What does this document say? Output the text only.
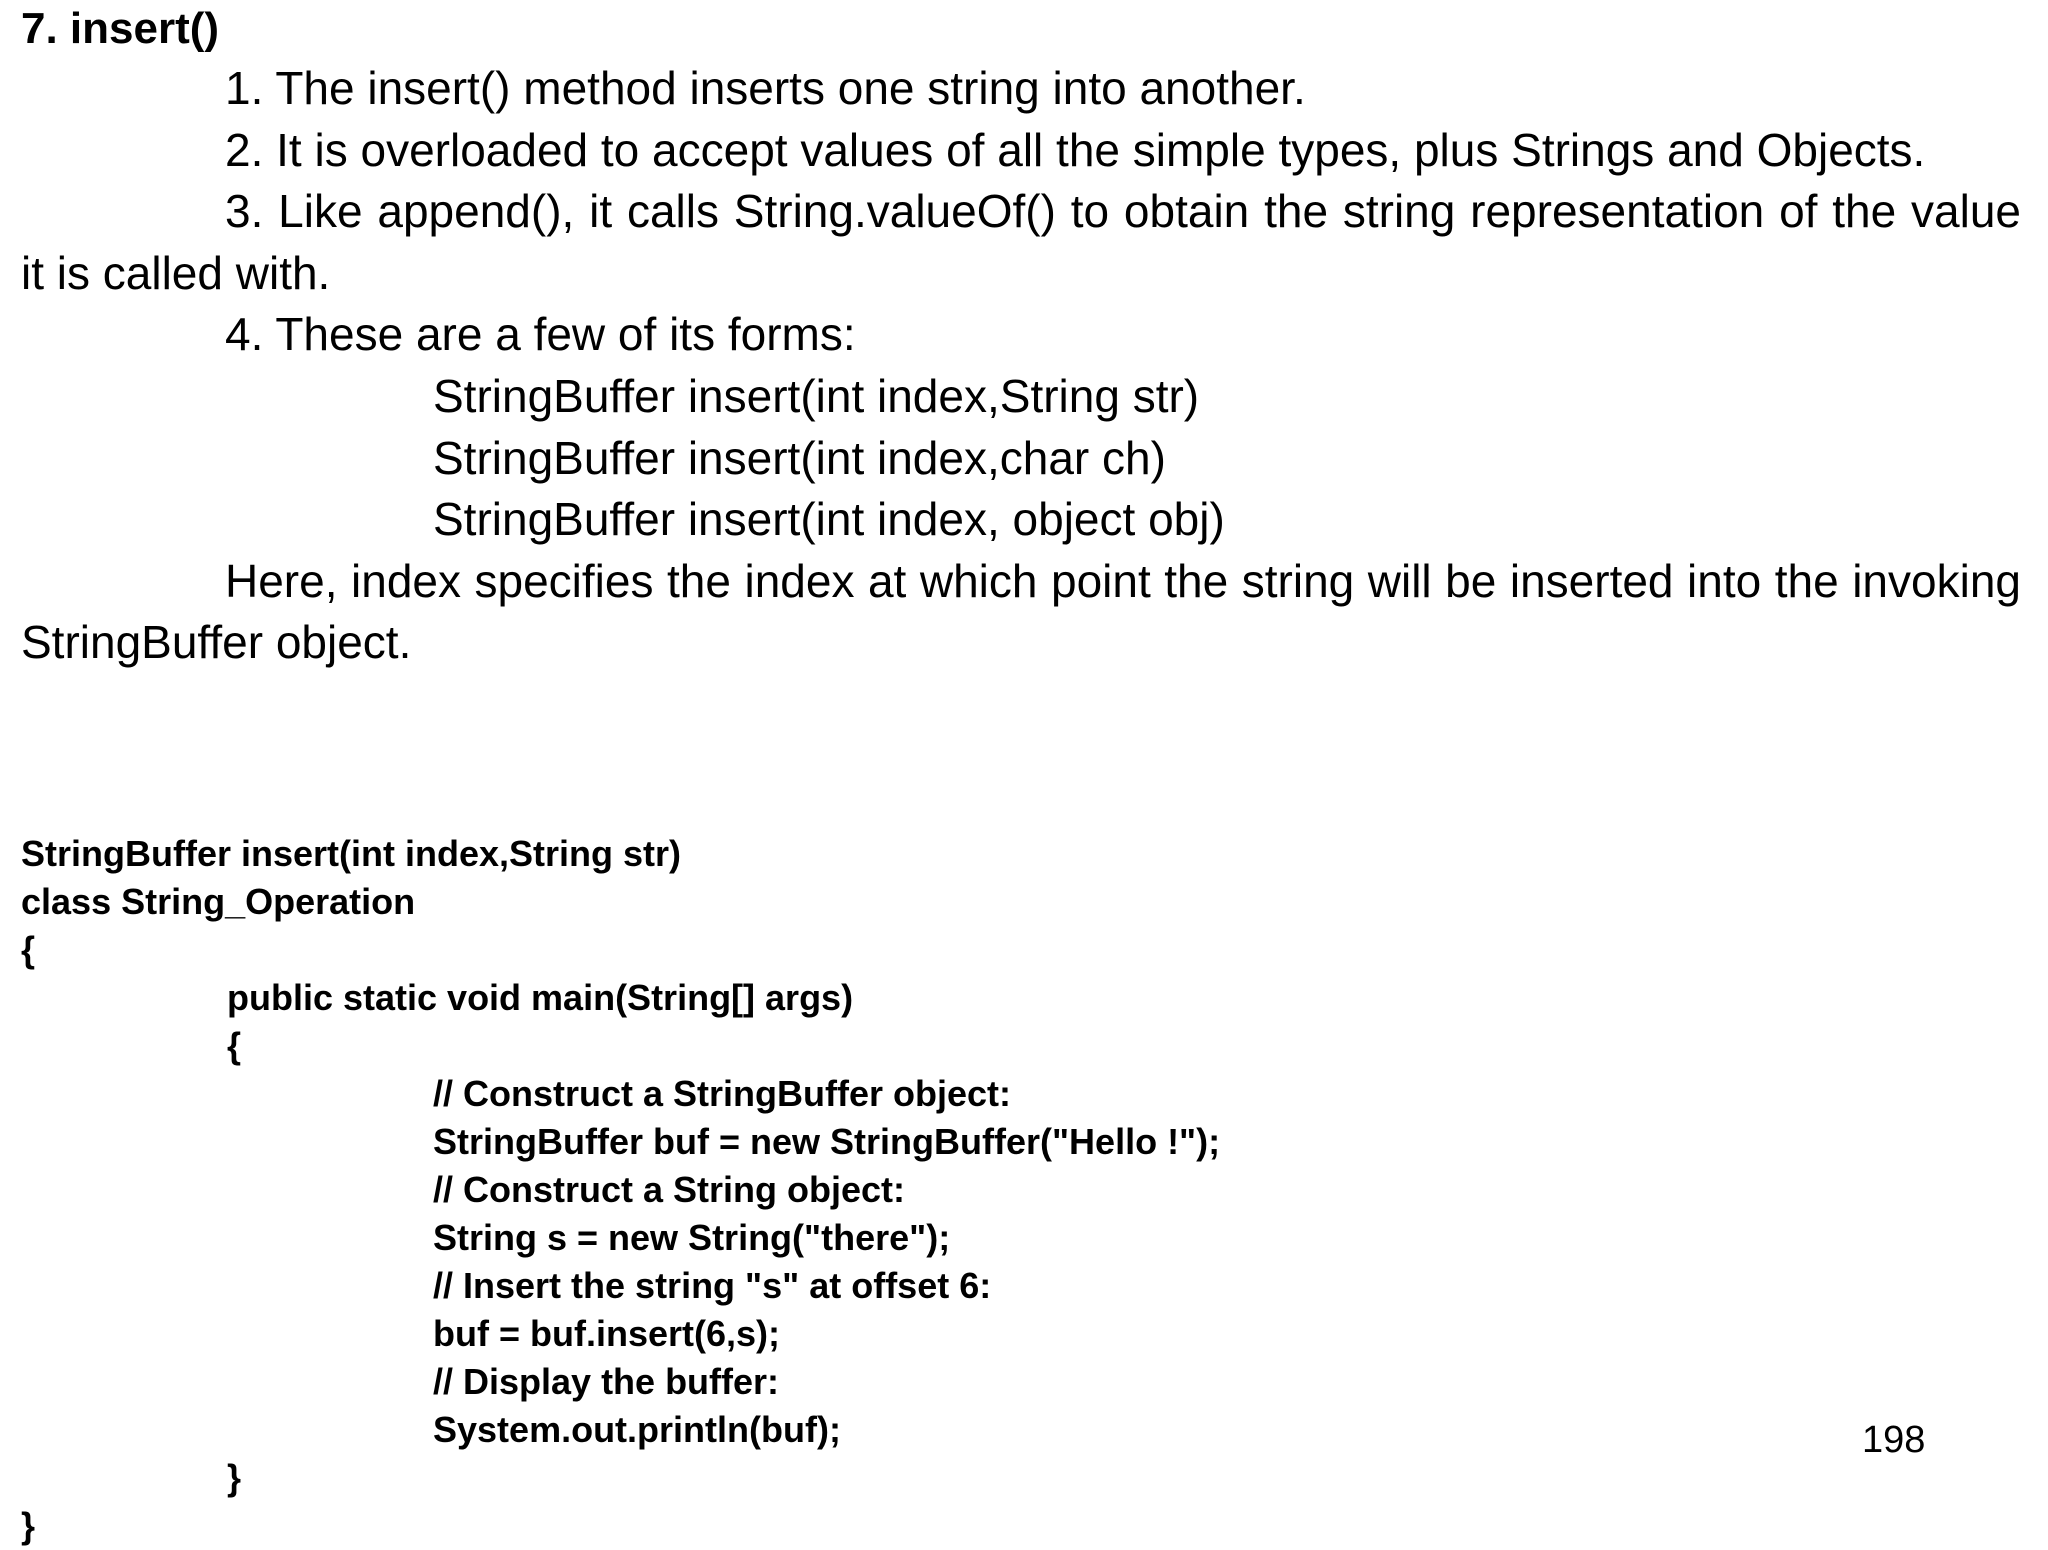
7. insert()

1. The insert() method inserts one string into another.

2. It is overloaded to accept values of all the simple types, plus Strings and Objects.

3. Like append(), it calls String.valueOf() to obtain the string representation of the value it is called with.

4. These are a few of its forms:

StringBuffer insert(int index,String str)

StringBuffer insert(int index,char ch)

StringBuffer insert(int index, object obj)

Here, index specifies the index at which point the string will be inserted into the invoking StringBuffer object.

StringBuffer insert(int index,String str)

class String_Operation

{

public static void main(String[] args)

{

// Construct a StringBuffer object:

StringBuffer buf = new StringBuffer("Hello !");

// Construct a String object:

String s = new String("there");

// Insert the string "s" at offset 6:

buf = buf.insert(6,s);

// Display the buffer:

System.out.println(buf);

}

}

198
